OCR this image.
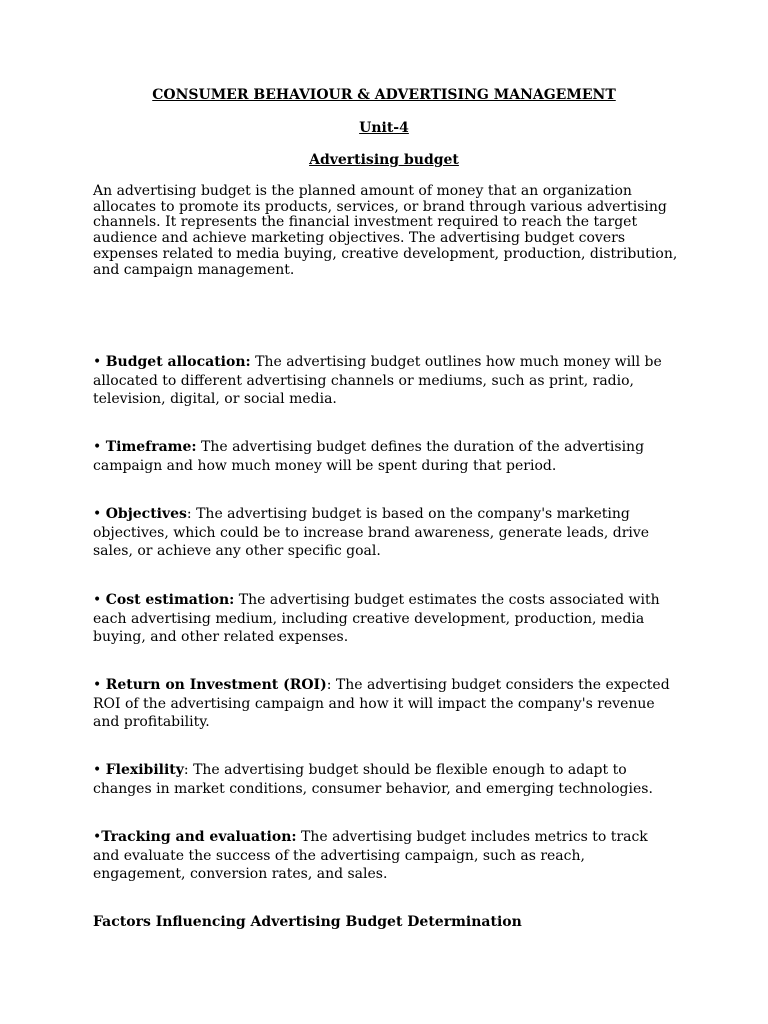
CONSUMER BEHAVIOUR & ADVERTISING MANAGEMENT
Unit-4
Advertising budget

An advertising budget is the planned amount of money that an organization allocates to promote its products, services, or brand through various advertising channels. It represents the financial investment required to reach the target audience and achieve marketing objectives. The advertising budget covers expenses related to media buying, creative development, production, distribution, and campaign management.

• Budget allocation: The advertising budget outlines how much money will be allocated to different advertising channels or mediums, such as print, radio, television, digital, or social media.

• Timeframe: The advertising budget defines the duration of the advertising campaign and how much money will be spent during that period.

• Objectives: The advertising budget is based on the company's marketing objectives, which could be to increase brand awareness, generate leads, drive sales, or achieve any other specific goal.

• Cost estimation: The advertising budget estimates the costs associated with each advertising medium, including creative development, production, media buying, and other related expenses.

• Return on Investment (ROI): The advertising budget considers the expected ROI of the advertising campaign and how it will impact the company's revenue and profitability.

• Flexibility: The advertising budget should be flexible enough to adapt to changes in market conditions, consumer behavior, and emerging technologies.

•Tracking and evaluation: The advertising budget includes metrics to track and evaluate the success of the advertising campaign, such as reach, engagement, conversion rates, and sales.

Factors Influencing Advertising Budget Determination
